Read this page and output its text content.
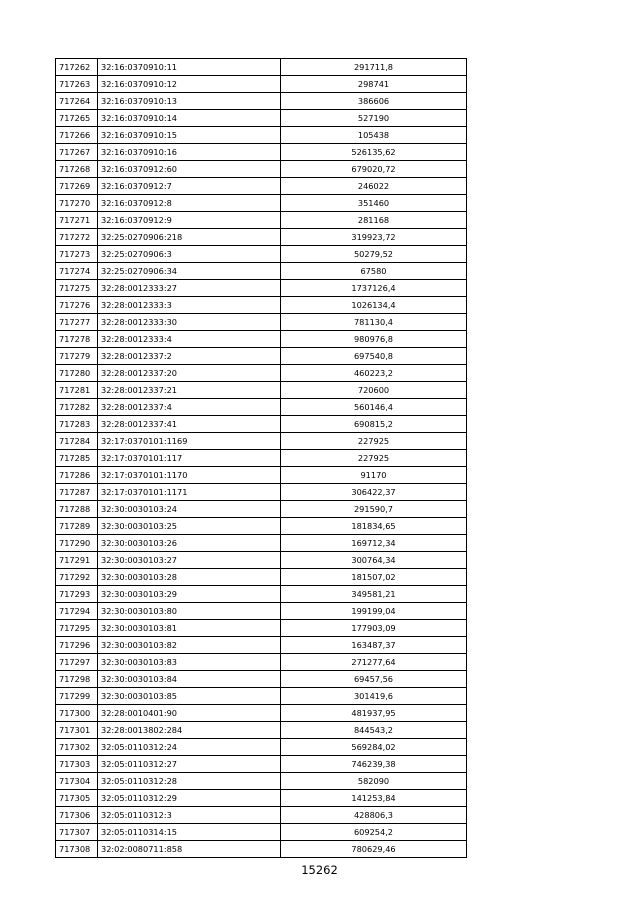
717262	32:16:0370910:11	291711,8
717263	32:16:0370910:12	298741
717264	32:16:0370910:13	386606
717265	32:16:0370910:14	527190
717266	32:16:0370910:15	105438
717267	32:16:0370910:16	526135,62
717268	32:16:0370912:60	679020,72
717269	32:16:0370912:7	246022
717270	32:16:0370912:8	351460
717271	32:16:0370912:9	281168
717272	32:25:0270906:218	319923,72
717273	32:25:0270906:3	50279,52
717274	32:25:0270906:34	67580
717275	32:28:0012333:27	1737126,4
717276	32:28:0012333:3	1026134,4
717277	32:28:0012333:30	781130,4
717278	32:28:0012333:4	980976,8
717279	32:28:0012337:2	697540,8
717280	32:28:0012337:20	460223,2
717281	32:28:0012337:21	720600
717282	32:28:0012337:4	560146,4
717283	32:28:0012337:41	690815,2
717284	32:17:0370101:1169	227925
717285	32:17:0370101:117	227925
717286	32:17:0370101:1170	91170
717287	32:17:0370101:1171	306422,37
717288	32:30:0030103:24	291590,7
717289	32:30:0030103:25	181834,65
717290	32:30:0030103:26	169712,34
717291	32:30:0030103:27	300764,34
717292	32:30:0030103:28	181507,02
717293	32:30:0030103:29	349581,21
717294	32:30:0030103:80	199199,04
717295	32:30:0030103:81	177903,09
717296	32:30:0030103:82	163487,37
717297	32:30:0030103:83	271277,64
717298	32:30:0030103:84	69457,56
717299	32:30:0030103:85	301419,6
717300	32:28:0010401:90	481937,95
717301	32:28:0013802:284	844543,2
717302	32:05:0110312:24	569284,02
717303	32:05:0110312:27	746239,38
717304	32:05:0110312:28	582090
717305	32:05:0110312:29	141253,84
717306	32:05:0110312:3	428806,3
717307	32:05:0110314:15	609254,2
717308	32:02:0080711:858	780629,46
15262
